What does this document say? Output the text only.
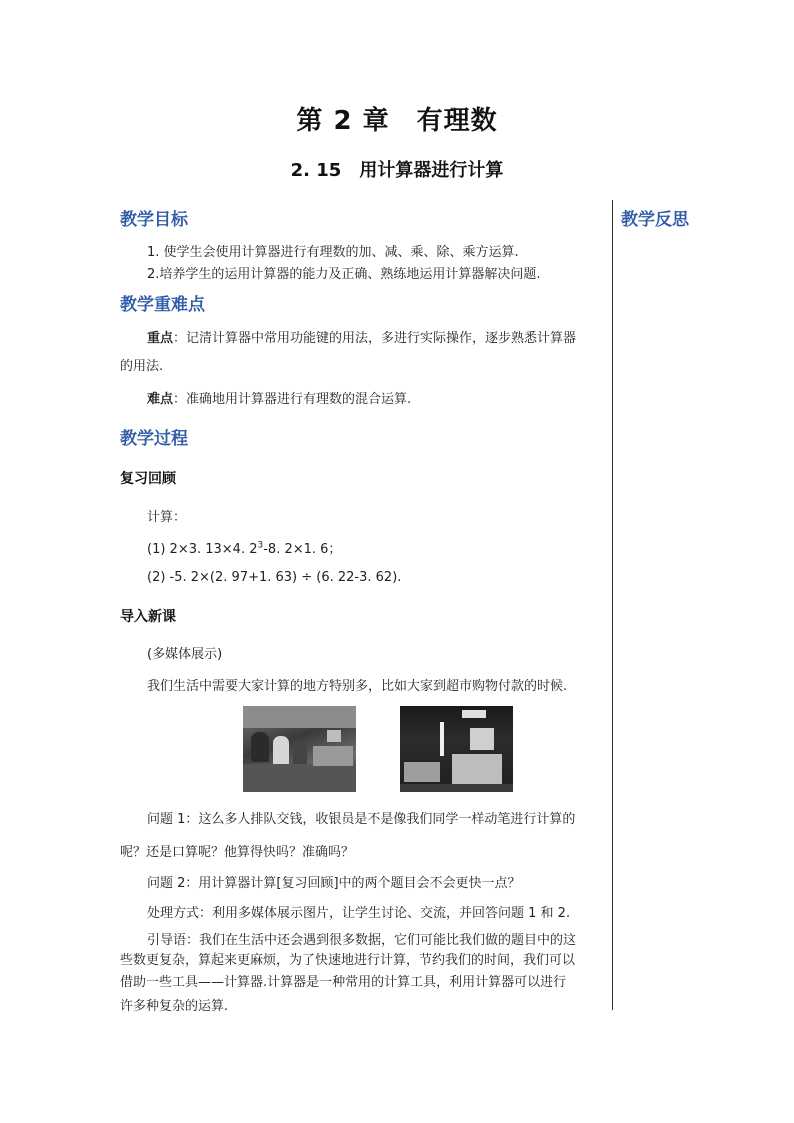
第 2 章　有理数
2. 15　用计算器进行计算
教学反思
教学目标
1. 使学生会使用计算器进行有理数的加、减、乘、除、乘方运算.
2.培养学生的运用计算器的能力及正确、熟练地运用计算器解决问题.
教学重难点
重点：记清计算器中常用功能键的用法，多进行实际操作，逐步熟悉计算器
的用法.
难点：准确地用计算器进行有理数的混合运算.
教学过程
复习回顾
计算：
(1) 2×3. 13×4. $2^3-8$. 2×1. 6；
(2) -5. 2×(2. 97+1. 63) ÷ (6. 22-3. 62).
导入新课
(多媒体展示)
我们生活中需要大家计算的地方特别多，比如大家到超市购物付款的时候.
问题 1：这么多人排队交钱，收银员是不是像我们同学一样动笔进行计算的
呢？还是口算呢？他算得快吗？准确吗？
问题 2：用计算器计算[复习回顾]中的两个题目会不会更快一点？
处理方式：利用多媒体展示图片，让学生讨论、交流，并回答问题 1 和 2.
引导语：我们在生活中还会遇到很多数据，它们可能比我们做的题目中的这
些数更复杂，算起来更麻烦，为了快速地进行计算，节约我们的时间，我们可以
借助一些工具——计算器.计算器是一种常用的计算工具，利用计算器可以进行
许多种复杂的运算.
